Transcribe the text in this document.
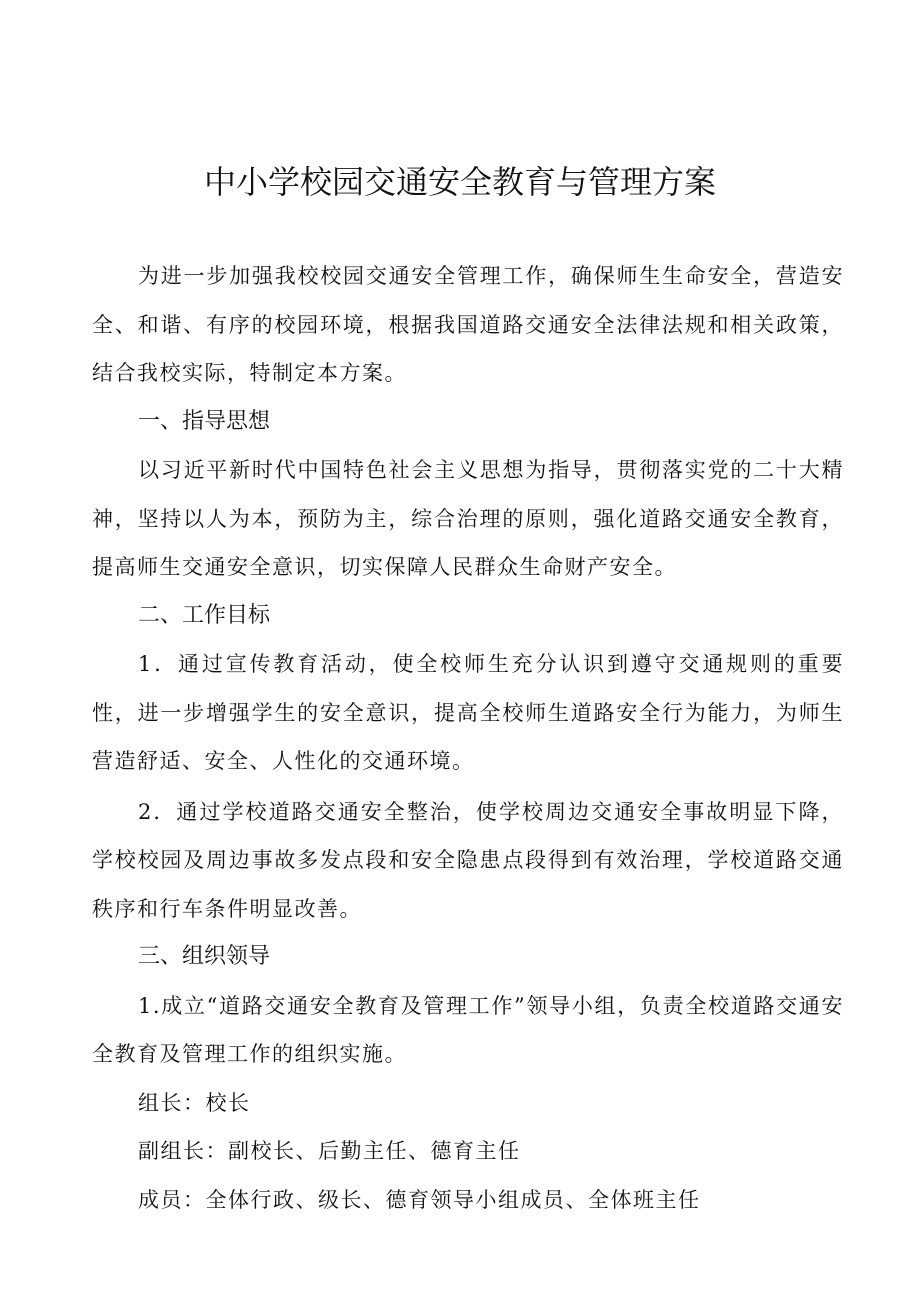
中小学校园交通安全教育与管理方案

为进一步加强我校校园交通安全管理工作，确保师生生命安全，营造安全、和谐、有序的校园环境，根据我国道路交通安全法律法规和相关政策，结合我校实际，特制定本方案。

一、指导思想

以习近平新时代中国特色社会主义思想为指导，贯彻落实党的二十大精神，坚持以人为本，预防为主，综合治理的原则，强化道路交通安全教育，提高师生交通安全意识，切实保障人民群众生命财产安全。

二、工作目标

1．通过宣传教育活动，使全校师生充分认识到遵守交通规则的重要性，进一步增强学生的安全意识，提高全校师生道路安全行为能力，为师生营造舒适、安全、人性化的交通环境。

2．通过学校道路交通安全整治，使学校周边交通安全事故明显下降，学校校园及周边事故多发点段和安全隐患点段得到有效治理，学校道路交通秩序和行车条件明显改善。

三、组织领导

1.成立“道路交通安全教育及管理工作”领导小组，负责全校道路交通安全教育及管理工作的组织实施。

组长：校长

副组长：副校长、后勤主任、德育主任

成员：全体行政、级长、德育领导小组成员、全体班主任
